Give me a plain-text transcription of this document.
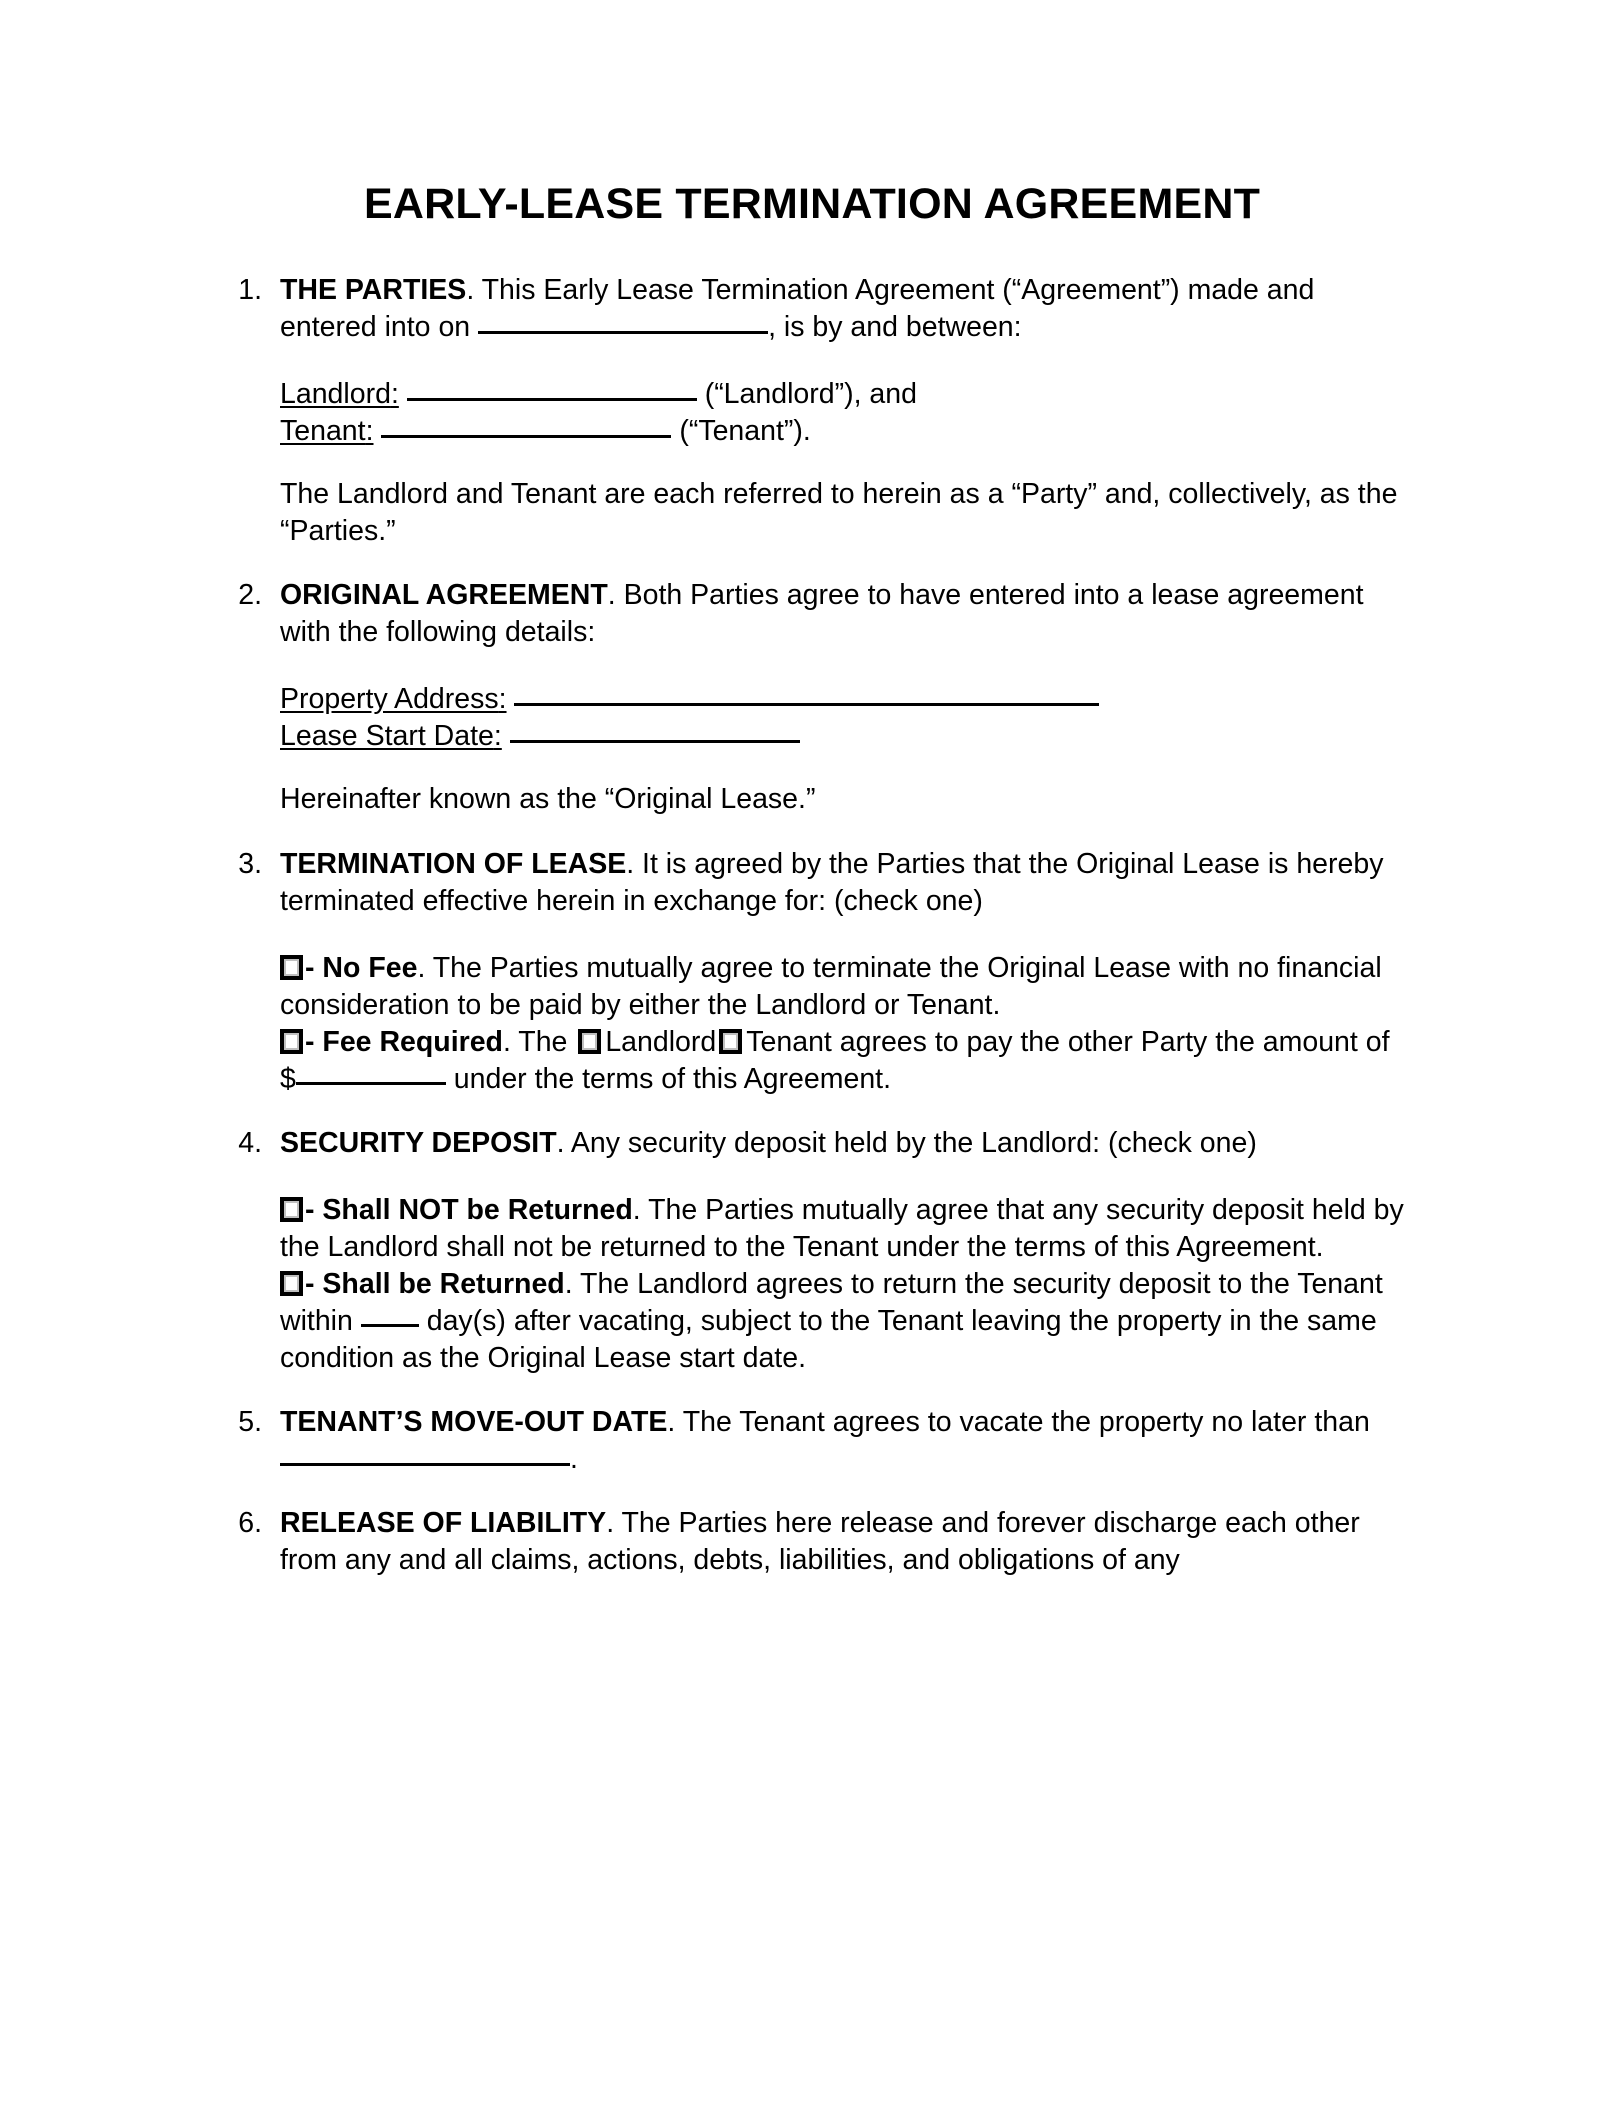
EARLY-LEASE TERMINATION AGREEMENT
1. THE PARTIES. This Early Lease Termination Agreement (“Agreement”) made and entered into on	, is by and between:

Landlord:	(“Landlord”), and

Tenant:	(“Tenant”).

The Landlord and Tenant are each referred to herein as a “Party” and, collectively, as the “Parties.”

2. ORIGINAL AGREEMENT. Both Parties agree to have entered into a lease agreement with the following details:

Property Address:

Lease Start Date:

Hereinafter known as the “Original Lease.”

3. TERMINATION OF LEASE. It is agreed by the Parties that the Original Lease is hereby terminated effective herein in exchange for: (check one)

- No Fee. The Parties mutually agree to terminate the Original Lease with no financial consideration to be paid by either the Landlord or Tenant.

- Fee Required. The Landlord Tenant agrees to pay the other Party the amount of $	under the terms of this Agreement.

4. SECURITY DEPOSIT. Any security deposit held by the Landlord: (check one)

- Shall NOT be Returned. The Parties mutually agree that any security deposit held by the Landlord shall not be returned to the Tenant under the terms of this Agreement.

- Shall be Returned. The Landlord agrees to return the security deposit to the Tenant within  day(s) after vacating, subject to the Tenant leaving the property in the same condition as the Original Lease start date.

5. TENANT’S MOVE-OUT DATE. The Tenant agrees to vacate the property no later than .

6. RELEASE OF LIABILITY. The Parties here release and forever discharge each other from any and all claims, actions, debts, liabilities, and obligations of any
